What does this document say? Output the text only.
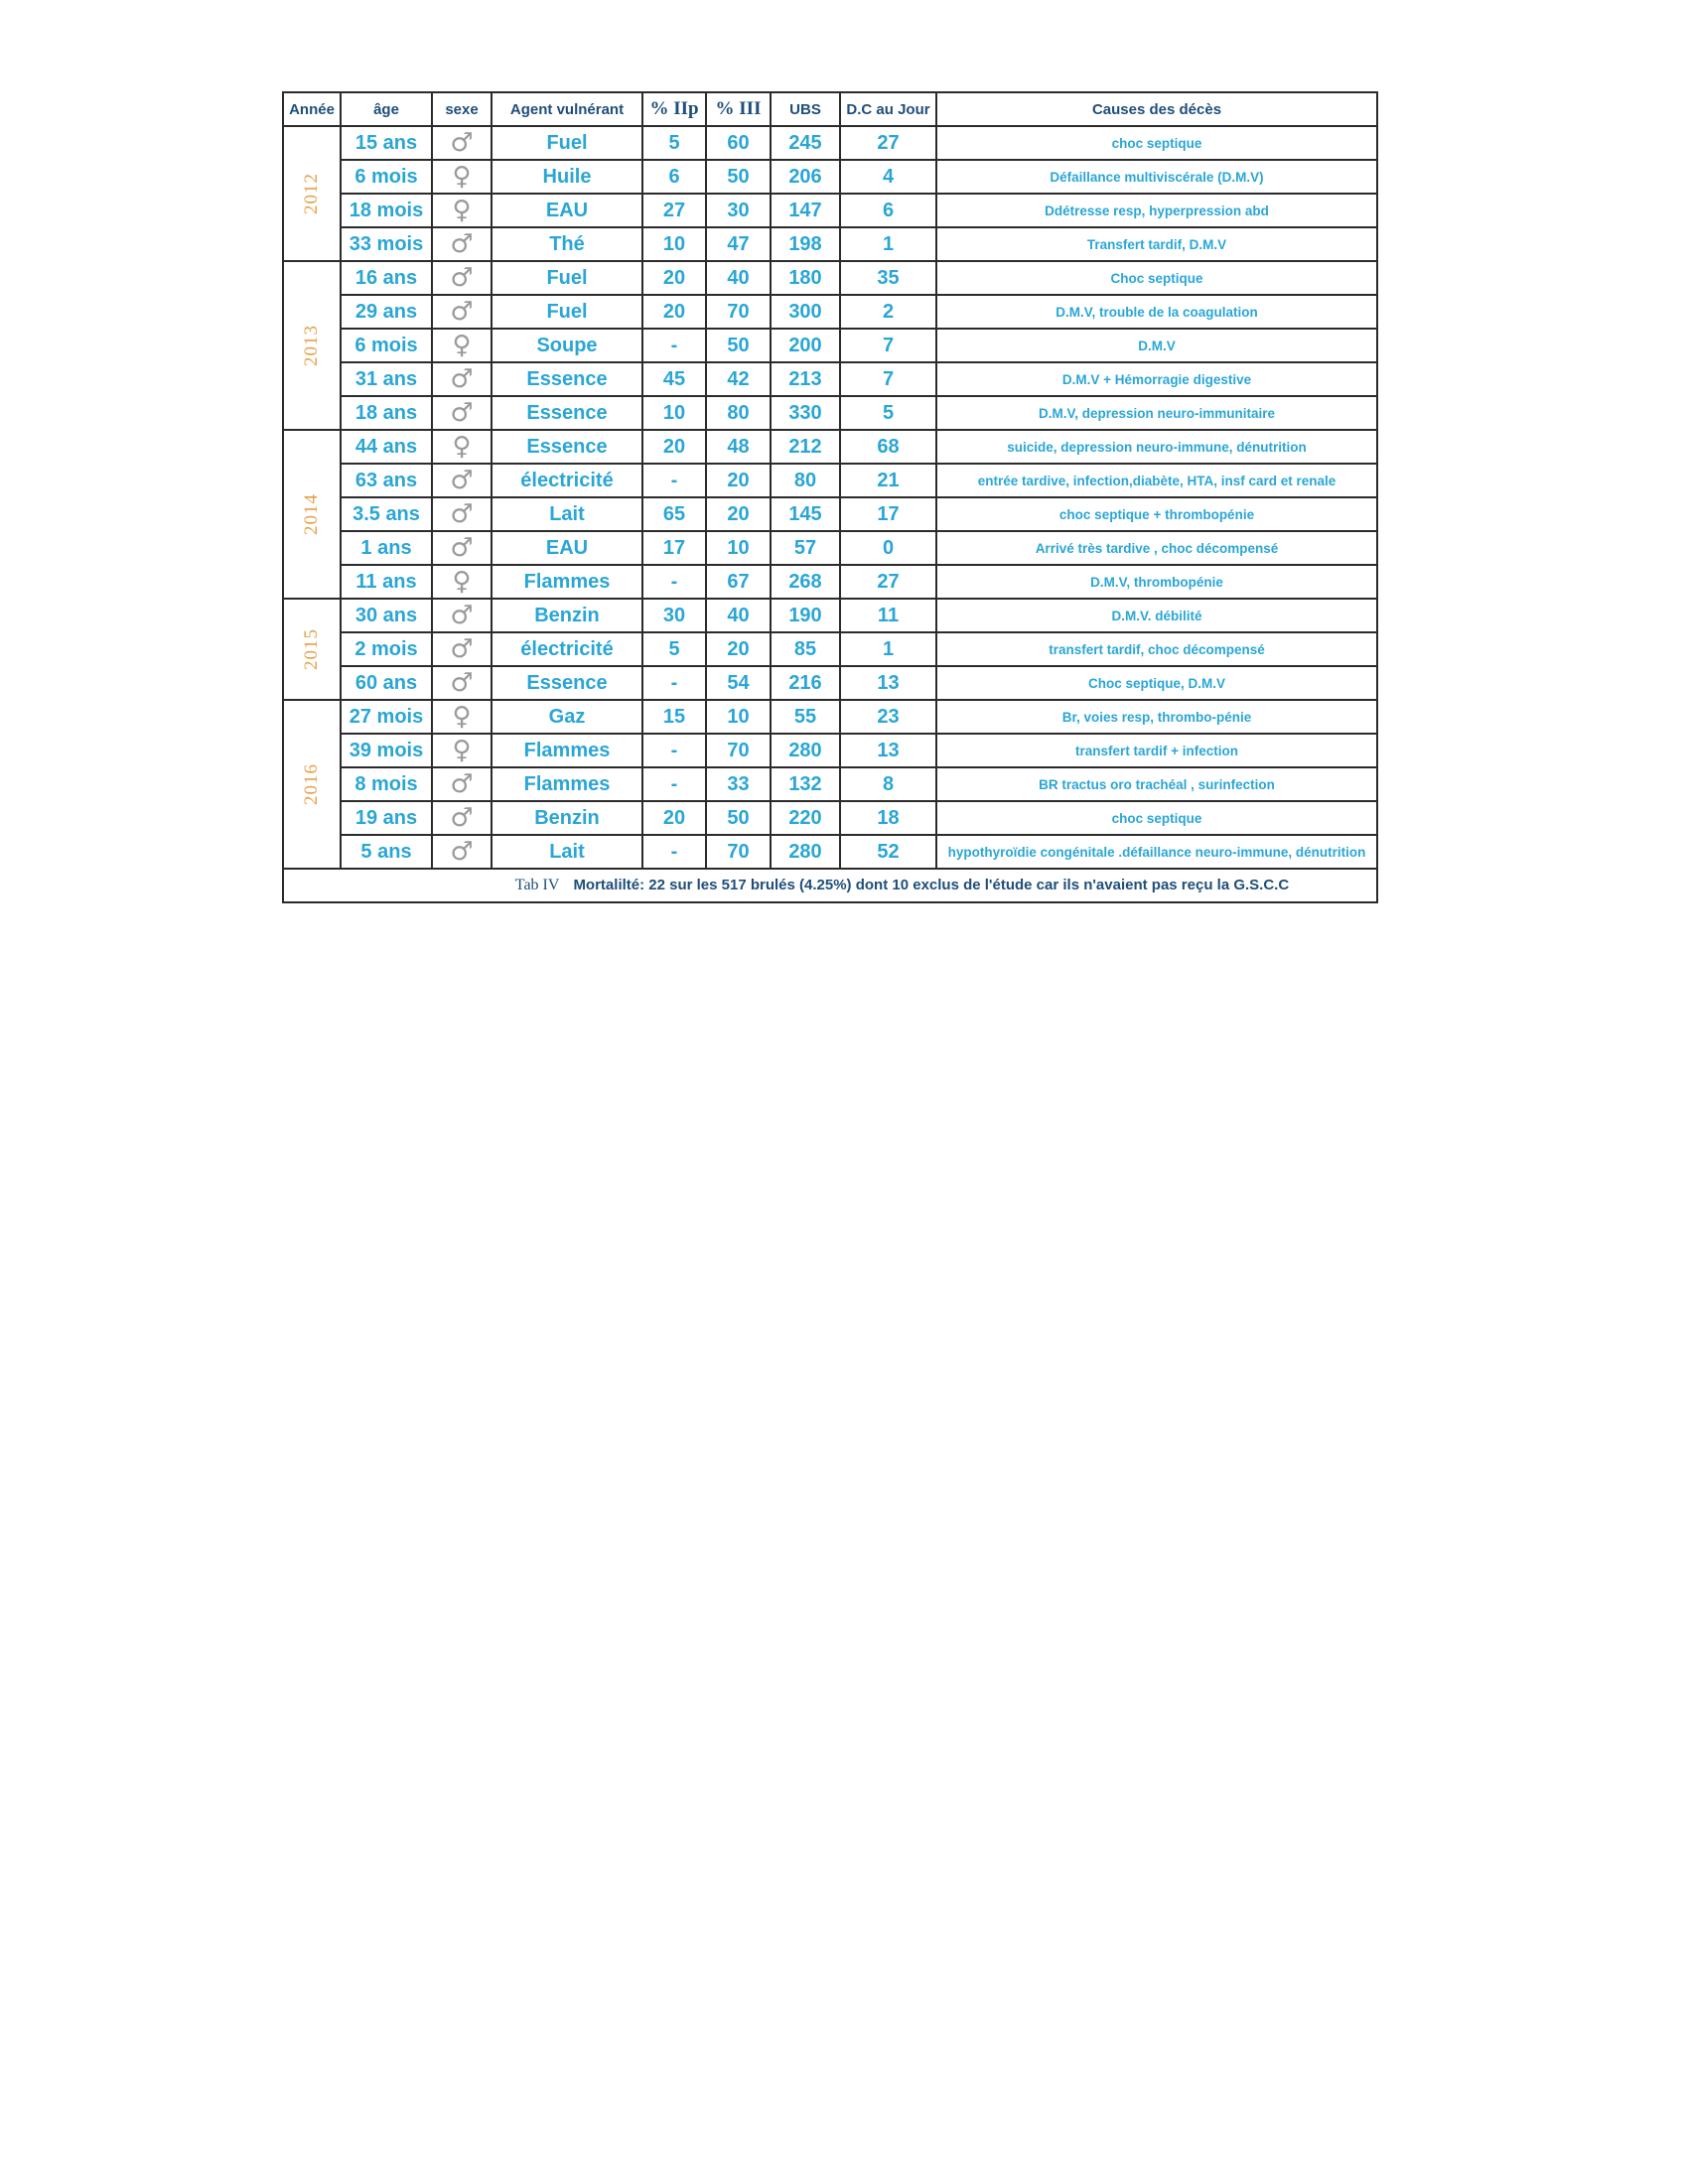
Année	âge	sexe	Agent vulnérant	% IIp	% III	UBS	D.C au Jour	Causes des décès
2012	15 ans	♂	Fuel	5	60	245	27	choc septique
	6 mois	♀	Huile	6	50	206	4	Défaillance multiviscérale (D.M.V)
	18 mois	♀	EAU	27	30	147	6	Ddétresse resp, hyperpression abd
	33 mois	♂	Thé	10	47	198	1	Transfert tardif, D.M.V
2013	16 ans	♂	Fuel	20	40	180	35	Choc septique
	29 ans	♂	Fuel	20	70	300	2	D.M.V, trouble de la coagulation
	6 mois	♀	Soupe	-	50	200	7	D.M.V
	31 ans	♂	Essence	45	42	213	7	D.M.V + Hémorragie digestive
	18 ans	♂	Essence	10	80	330	5	D.M.V, depression neuro-immunitaire
2014	44 ans	♀	Essence	20	48	212	68	suicide, depression neuro-immune, dénutrition
	63 ans	♂	électricité	-	20	80	21	entrée tardive, infection,diabète, HTA, insf card et renale
	3.5 ans	♂	Lait	65	20	145	17	choc septique + thrombopénie
	1 ans	♂	EAU	17	10	57	0	Arrivé très tardive , choc décompensé
	11 ans	♀	Flammes	-	67	268	27	D.M.V, thrombopénie
2015	30 ans	♂	Benzin	30	40	190	11	D.M.V. débilité
	2 mois	♂	électricité	5	20	85	1	transfert tardif, choc décompensé
	60 ans	♂	Essence	-	54	216	13	Choc septique, D.M.V
2016	27 mois	♀	Gaz	15	10	55	23	Br, voies resp, thrombo-pénie
	39 mois	♀	Flammes	-	70	280	13	transfert tardif + infection
	8 mois	♂	Flammes	-	33	132	8	BR tractus oro trachéal , surinfection
	19 ans	♂	Benzin	20	50	220	18	choc septique
	5 ans	♂	Lait	-	70	280	52	hypothyroïdie congénitale .défaillance neuro-immune, dénutrition
Tab IV Mortalilté: 22 sur les 517 brulés (4.25%) dont 10 exclus de l'étude car ils n'avaient pas reçu la G.S.C.C								
